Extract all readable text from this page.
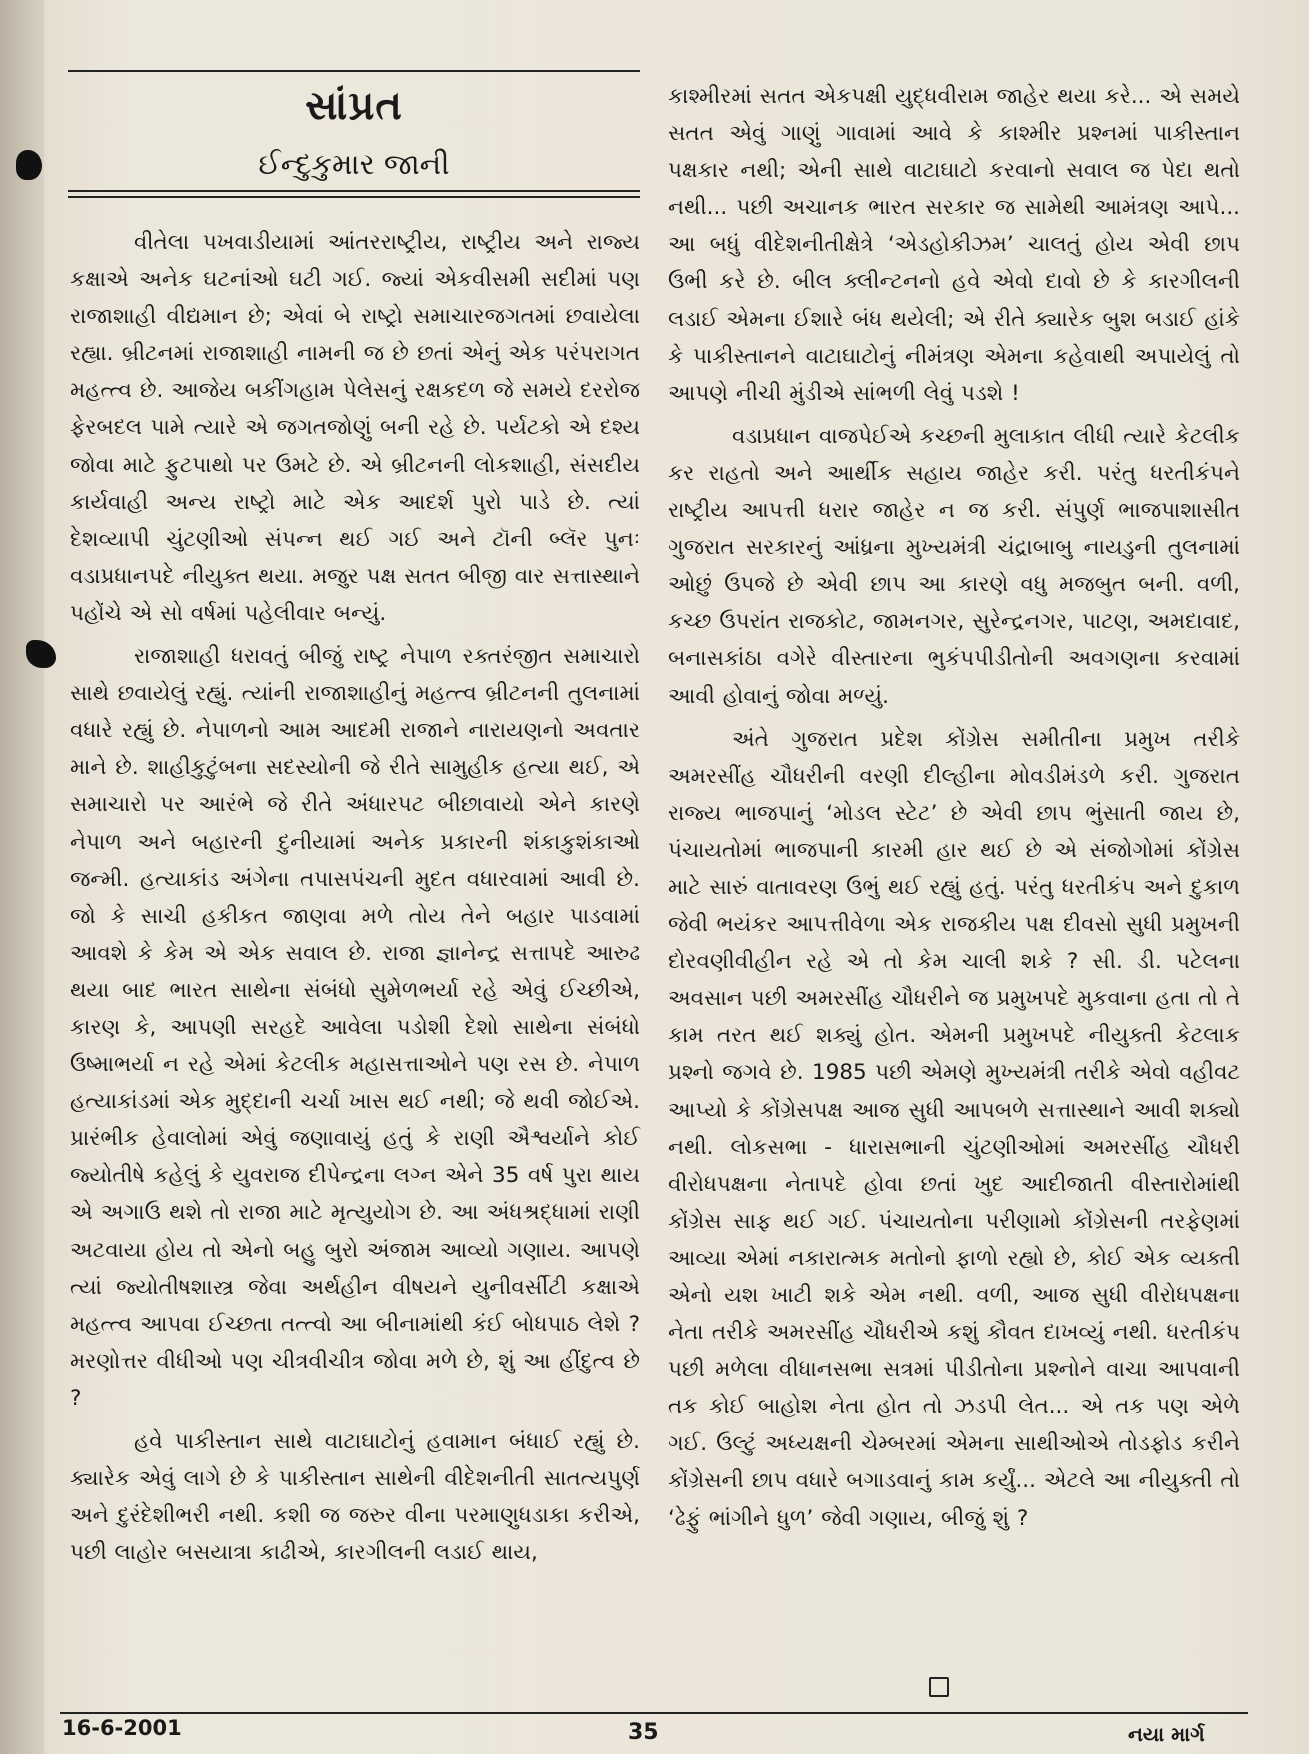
સાંપ્રત
ઈન્દુકુમાર જાની

વીતેલા પખવાડીયામાં આંતરરાષ્ટ્રીય, રાષ્ટ્રીય અને રાજ્ય કક્ષાએ અનેક ઘટનાંઓ ઘટી ગઈ. જ્યાં એકવીસમી સદીમાં પણ રાજાશાહી વીદ્યમાન છે; એવાં બે રાષ્ટ્રો સમાચારજગતમાં છવાયેલા રહ્યા. બ્રીટનમાં રાજાશાહી નામની જ છે છતાં એનું એક પરંપરાગત મહત્ત્વ છે. આજેય બકીંગહામ પેલેસનું રક્ષકદળ જે સમયે દરરોજ ફેરબદલ પામે ત્યારે એ જગતજોણું બની રહે છે. પર્યટકો એ દશ્ય જોવા માટે ફુટપાથો પર ઉમટે છે. એ બ્રીટનની લોકશાહી, સંસદીય કાર્યવાહી અન્ય રાષ્ટ્રો માટે એક આદર્શ પુરો પાડે છે. ત્યાં દેશવ્યાપી ચુંટણીઓ સંપન્ન થઈ ગઈ અને ટૉની બ્લૅર પુનઃ વડાપ્રધાનપદે નીયુક્ત થયા. મજુર પક્ષ સતત બીજી વાર સત્તાસ્થાને પહોંચે એ સો વર્ષમાં પહેલીવાર બન્યું.

રાજાશાહી ધરાવતું બીજું રાષ્ટ્ર નેપાળ રક્તરંજીત સમાચારો સાથે છવાયેલું રહ્યું. ત્યાંની રાજાશાહીનું મહત્ત્વ બ્રીટનની તુલનામાં વધારે રહ્યું છે. નેપાળનો આમ આદમી રાજાને નારાયણનો અવતાર માને છે. શાહીકુટુંબના સદસ્યોની જે રીતે સામુહીક હત્યા થઈ, એ સમાચારો પર આરંભે જે રીતે અંધારપટ બીછાવાયો એને કારણે નેપાળ અને બહારની દુનીયામાં અનેક પ્રકારની શંકાકુશંકાઓ જન્મી. હત્યાકાંડ અંગેના તપાસપંચની મુદત વધારવામાં આવી છે. જો કે સાચી હકીકત જાણવા મળે તોય તેને બહાર પાડવામાં આવશે કે કેમ એ એક સવાલ છે. રાજા જ્ઞાનેન્દ્ર સત્તાપદે આરુઢ થયા બાદ ભારત સાથેના સંબંધો સુમેળભર્યા રહે એવું ઈચ્છીએ, કારણ કે, આપણી સરહદે આવેલા પડોશી દેશો સાથેના સંબંધો ઉષ્માભર્યા ન રહે એમાં કેટલીક મહાસત્તાઓને પણ રસ છે. નેપાળ હત્યાકાંડમાં એક મુદ્દાની ચર્ચા ખાસ થઈ નથી; જે થવી જોઈએ. પ્રારંભીક હેવાલોમાં એવું જણાવાયું હતું કે રાણી ઐશ્વર્યાને કોઈ જ્યોતીષે કહેલું કે યુવરાજ દીપેન્દ્રના લગ્ન એને 35 વર્ષ પુરા થાય એ અગાઉ થશે તો રાજા માટે મૃત્યુયોગ છે. આ અંધશ્રદ્ધામાં રાણી અટવાયા હોય તો એનો બહુ બુરો અંજામ આવ્યો ગણાય. આપણે ત્યાં જ્યોતીષશાસ્ત્ર જેવા અર્થહીન વીષયને યુનીવર્સીટી કક્ષાએ મહત્ત્વ આપવા ઈચ્છતા તત્ત્વો આ બીનામાંથી કંઈ બોધપાઠ લેશે ? મરણોત્તર વીધીઓ પણ ચીત્રવીચીત્ર જોવા મળે છે, શું આ હીંદુત્વ છે ?

હવે પાકીસ્તાન સાથે વાટાઘાટોનું હવામાન બંધાઈ રહ્યું છે. ક્યારેક એવું લાગે છે કે પાકીસ્તાન સાથેની વીદેશનીતી સાતત્યપુર્ણ અને દુરંદેશીભરી નથી. કશી જ જરુર વીના પરમાણુધડાકા કરીએ, પછી લાહોર બસયાત્રા કાઢીએ, કારગીલની લડાઈ થાય,

કાશ્મીરમાં સતત એકપક્ષી યુદ્ધવીરામ જાહેર થયા કરે... એ સમયે સતત એવું ગાણું ગાવામાં આવે કે કાશ્મીર પ્રશ્નમાં પાકીસ્તાન પક્ષકાર નથી; એની સાથે વાટાઘાટો કરવાનો સવાલ જ પેદા થતો નથી... પછી અચાનક ભારત સરકાર જ સામેથી આમંત્રણ આપે... આ બધું વીદેશનીતીક્ષેત્રે ‘એડહોકીઝમ’ ચાલતું હોય એવી છાપ ઉભી કરે છે. બીલ ક્લીન્ટનનો હવે એવો દાવો છે કે કારગીલની લડાઈ એમના ઈશારે બંધ થયેલી; એ રીતે ક્યારેક બુશ બડાઈ હાંકે કે પાકીસ્તાનને વાટાઘાટોનું નીમંત્રણ એમના કહેવાથી અપાયેલું તો આપણે નીચી મુંડીએ સાંભળી લેવું પડશે !

વડાપ્રધાન વાજપેઈએ કચ્છની મુલાકાત લીધી ત્યારે કેટલીક કર રાહતો અને આર્થીક સહાય જાહેર કરી. પરંતુ ધરતીકંપને રાષ્ટ્રીય આપત્તી ધરાર જાહેર ન જ કરી. સંપુર્ણ ભાજપાશાસીત ગુજરાત સરકારનું આંધ્રના મુખ્યમંત્રી ચંદ્રાબાબુ નાયડુની તુલનામાં ઓછું ઉપજે છે એવી છાપ આ કારણે વધુ મજબુત બની. વળી, કચ્છ ઉપરાંત રાજકોટ, જામનગર, સુરેન્દ્રનગર, પાટણ, અમદાવાદ, બનાસકાંઠા વગેરે વીસ્તારના ભુકંપપીડીતોની અવગણના કરવામાં આવી હોવાનું જોવા મળ્યું.

અંતે ગુજરાત પ્રદેશ કોંગ્રેસ સમીતીના પ્રમુખ તરીકે અમરસીંહ ચૌધરીની વરણી દીલ્હીના મોવડીમંડળે કરી. ગુજરાત રાજ્ય ભાજપાનું ‘મોડલ સ્ટેટ’ છે એવી છાપ ભુંસાતી જાય છે, પંચાયતોમાં ભાજપાની કારમી હાર થઈ છે એ સંજોગોમાં કોંગ્રેસ માટે સારું વાતાવરણ ઉભું થઈ રહ્યું હતું. પરંતુ ધરતીકંપ અને દુકાળ જેવી ભયંકર આપત્તીવેળા એક રાજકીય પક્ષ દીવસો સુધી પ્રમુખની દોરવણીવીહીન રહે એ તો કેમ ચાલી શકે ? સી. ડી. પટેલના અવસાન પછી અમરસીંહ ચૌધરીને જ પ્રમુખપદે મુકવાના હતા તો તે કામ તરત થઈ શક્યું હોત. એમની પ્રમુખપદે નીયુક્તી કેટલાક પ્રશ્નો જગવે છે. 1985 પછી એમણે મુખ્યમંત્રી તરીકે એવો વહીવટ આપ્યો કે કોંગ્રેસપક્ષ આજ સુધી આપબળે સત્તાસ્થાને આવી શક્યો નથી. લોકસભા - ધારાસભાની ચુંટણીઓમાં અમરસીંહ ચૌધરી વીરોધપક્ષના નેતાપદે હોવા છતાં ખુદ આદીજાતી વીસ્તારોમાંથી કોંગ્રેસ સાફ થઈ ગઈ. પંચાયતોના પરીણામો કોંગ્રેસની તરફેણમાં આવ્યા એમાં નકારાત્મક મતોનો ફાળો રહ્યો છે, કોઈ એક વ્યક્તી એનો યશ ખાટી શકે એમ નથી. વળી, આજ સુધી વીરોધપક્ષના નેતા તરીકે અમરસીંહ ચૌધરીએ કશું કૌવત દાખવ્યું નથી. ધરતીકંપ પછી મળેલા વીધાનસભા સત્રમાં પીડીતોના પ્રશ્નોને વાચા આપવાની તક કોઈ બાહોશ નેતા હોત તો ઝડપી લેત... એ તક પણ એળે ગઈ. ઉલ્ટું અધ્યક્ષની ચેમ્બરમાં એમના સાથીઓએ તોડફોડ કરીને કોંગ્રેસની છાપ વધારે બગાડવાનું કામ કર્યું... એટલે આ નીયુક્તી તો ‘ઢેફું ભાંગીને ધુળ’ જેવી ગણાય, બીજું શું ?

16-6-2001	35	નયા માર્ગ
